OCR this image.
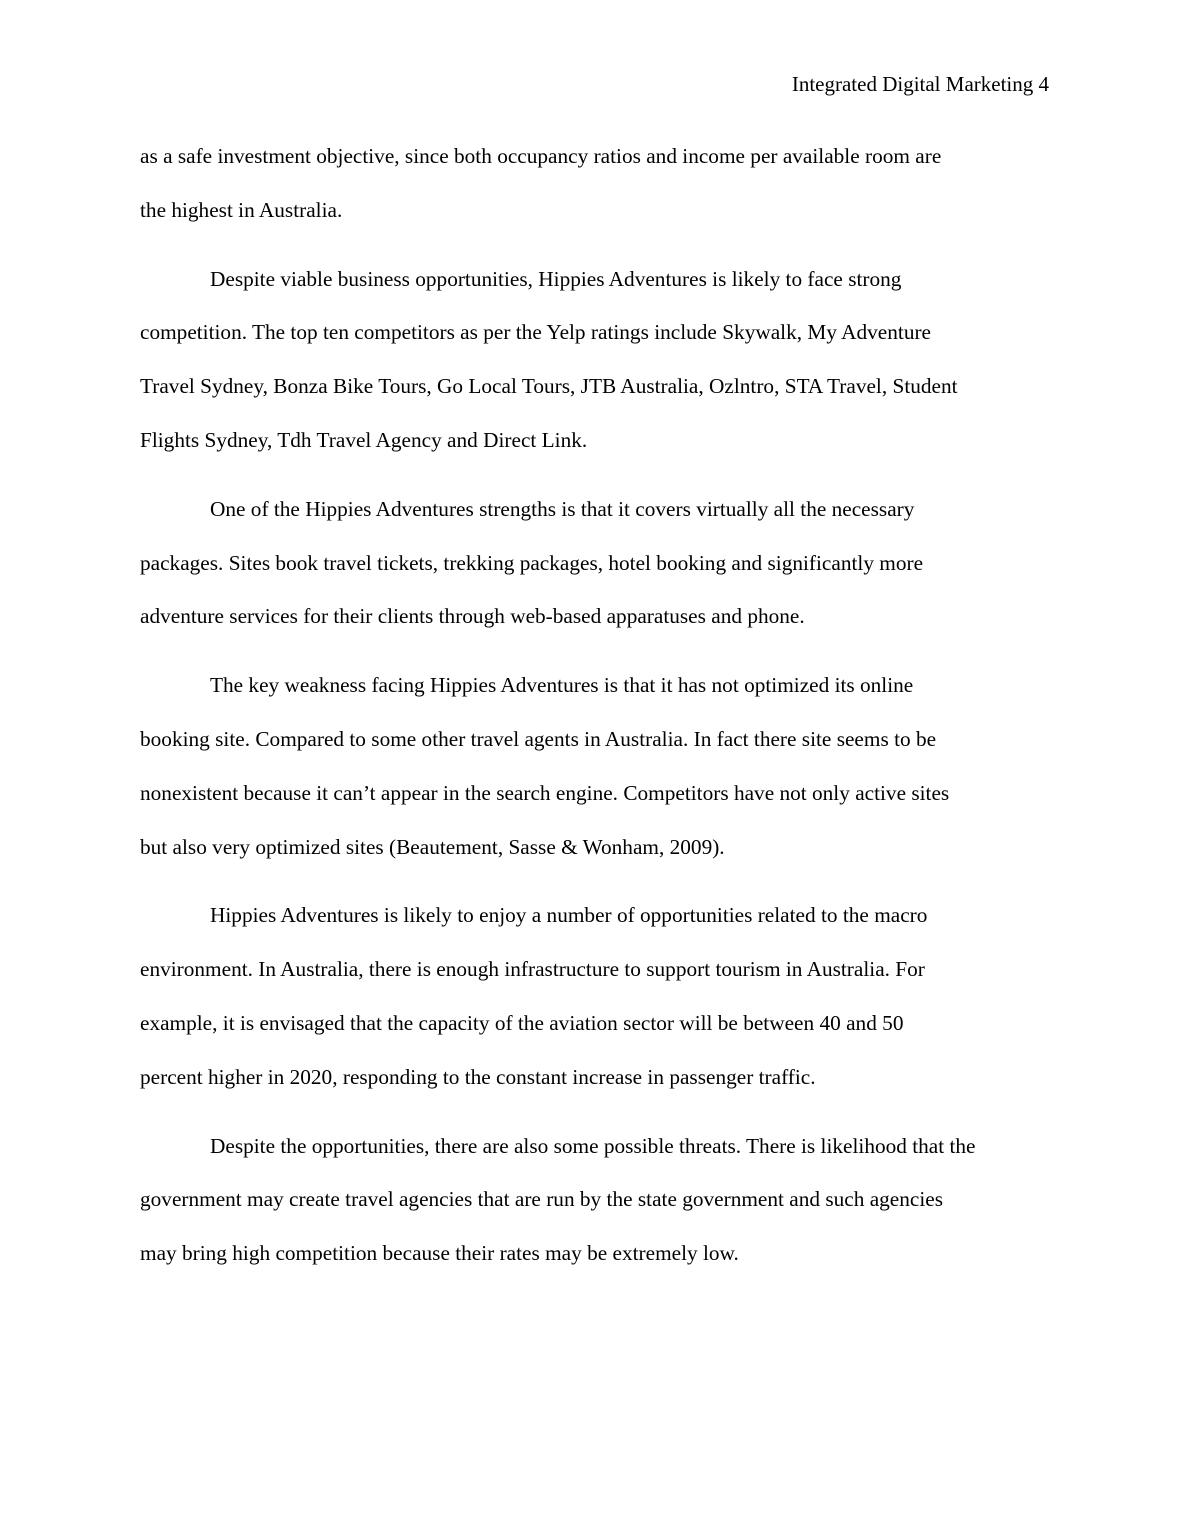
Integrated Digital Marketing 4

as a safe investment objective, since both occupancy ratios and income per available room are
the highest in Australia.

Despite viable business opportunities, Hippies Adventures is likely to face strong
competition. The top ten competitors as per the Yelp ratings include Skywalk, My Adventure
Travel Sydney, Bonza Bike Tours, Go Local Tours, JTB Australia, Ozlntro, STA Travel, Student
Flights Sydney, Tdh Travel Agency and Direct Link.

One of the Hippies Adventures strengths is that it covers virtually all the necessary
packages. Sites book travel tickets, trekking packages, hotel booking and significantly more
adventure services for their clients through web-based apparatuses and phone.

The key weakness facing Hippies Adventures is that it has not optimized its online
booking site. Compared to some other travel agents in Australia. In fact there site seems to be
nonexistent because it can’t appear in the search engine. Competitors have not only active sites
but also very optimized sites (Beautement, Sasse & Wonham, 2009).

Hippies Adventures is likely to enjoy a number of opportunities related to the macro
environment. In Australia, there is enough infrastructure to support tourism in Australia. For
example, it is envisaged that the capacity of the aviation sector will be between 40 and 50
percent higher in 2020, responding to the constant increase in passenger traffic.

Despite the opportunities, there are also some possible threats. There is likelihood that the
government may create travel agencies that are run by the state government and such agencies
may bring high competition because their rates may be extremely low.
